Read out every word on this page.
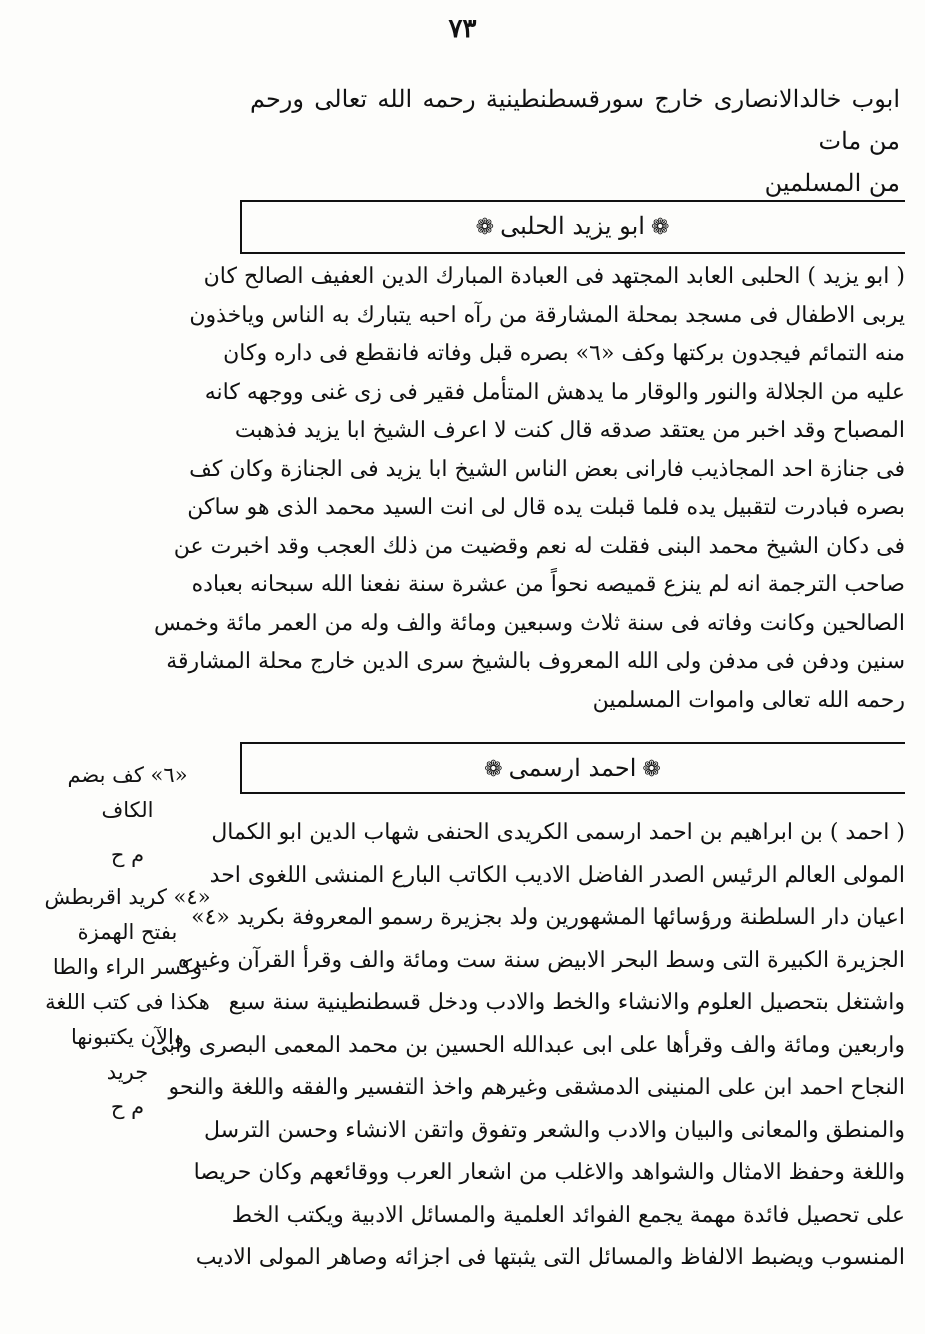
٧٣
ابوب خالدالانصارى خارج سورقسطنطينية رحمه الله تعالى ورحم من مات
من المسلمين
❁ابو يزيد الحلبى❁

( ابو يزيد ) الحلبى العابد المجتهد فى العبادة المبارك الدين العفيف الصالح كان

يربى الاطفال فى مسجد بمحلة المشارقة من رآه احبه يتبارك به الناس وياخذون

منه التمائم فيجدون بركتها وكف «٦» بصره قبل وفاته فانقطع فى داره وكان

عليه من الجلالة والنور والوقار ما يدهش المتأمل فقير فى زى غنى ووجهه كانه

المصباح وقد اخبر من يعتقد صدقه قال كنت لا اعرف الشيخ ابا يزيد فذهبت

فى جنازة احد المجاذيب فارانى بعض الناس الشيخ ابا يزيد فى الجنازة وكان كف

بصره فبادرت لتقبيل يده فلما قبلت يده قال لى انت السيد محمد الذى هو ساكن

فى دكان الشيخ محمد البنى فقلت له نعم وقضيت من ذلك العجب وقد اخبرت عن

صاحب الترجمة انه لم ينزع قميصه نحواً من عشرة سنة نفعنا الله سبحانه بعباده

الصالحين وكانت وفاته فى سنة ثلاث وسبعين ومائة والف وله من العمر مائة وخمس

سنين ودفن فى مدفن ولى الله المعروف بالشيخ سرى الدين خارج محلة المشارقة

رحمه الله تعالى واموات المسلمين

❁احمد ارسمى❁

( احمد ) بن ابراهيم بن احمد ارسمى الكريدى الحنفى شهاب الدين ابو الكمال

المولى العالم الرئيس الصدر الفاضل الاديب الكاتب البارع المنشى اللغوى احد

اعيان دار السلطنة ورؤسائها المشهورين ولد بجزيرة رسمو المعروفة بكريد «٤»

الجزيرة الكبيرة التى وسط البحر الابيض سنة ست ومائة والف وقرأ القرآن وغيره

واشتغل بتحصيل العلوم والانشاء والخط والادب ودخل قسطنطينية سنة سبع

واربعين ومائة والف وقرأها على ابى عبدالله الحسين بن محمد المعمى البصرى وابى

النجاح احمد ابن على المنينى الدمشقى وغيرهم واخذ التفسير والفقه واللغة والنحو

والمنطق والمعانى والبيان والادب والشعر وتفوق واتقن الانشاء وحسن الترسل

واللغة وحفظ الامثال والشواهد والاغلب من اشعار العرب ووقائعهم وكان حريصا

على تحصيل فائدة مهمة يجمع الفوائد العلمية والمسائل الادبية ويكتب الخط

المنسوب ويضبط الالفاظ والمسائل التى يثبتها فى اجزائه وصاهر المولى الاديب

«٦» كف بضم
الكاف
م ح
«٤» كريد اقربطش
بفتح الهمزة
وكسر الراء والطا
هكذا فى كتب اللغة
والآن يكتبونها
جريد
م ح
